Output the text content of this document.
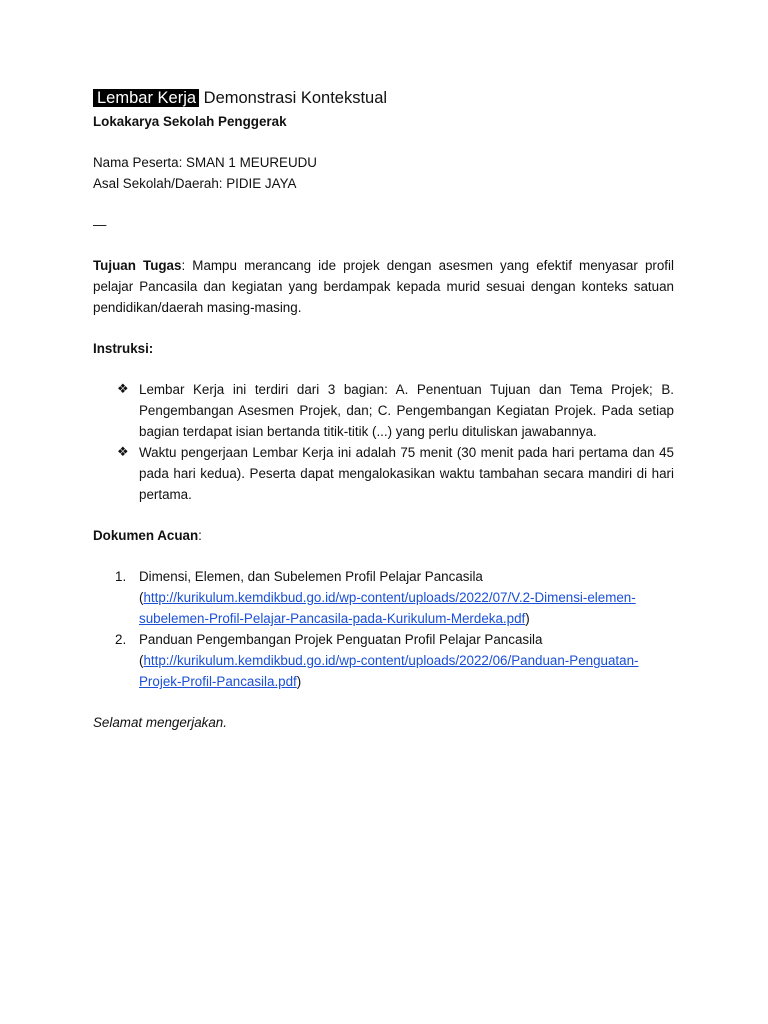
Lembar Kerja Demonstrasi Kontekstual

Lokakarya Sekolah Penggerak

Nama Peserta: SMAN 1 MEUREUDU

Asal Sekolah/Daerah: PIDIE JAYA

—

Tujuan Tugas: Mampu merancang ide projek dengan asesmen yang efektif menyasar profil pelajar Pancasila dan kegiatan yang berdampak kepada murid sesuai dengan konteks satuan pendidikan/daerah masing-masing.

Instruksi:

❖ Lembar Kerja ini terdiri dari 3 bagian: A. Penentuan Tujuan dan Tema Projek; B. Pengembangan Asesmen Projek, dan; C. Pengembangan Kegiatan Projek. Pada setiap bagian terdapat isian bertanda titik-titik (...) yang perlu dituliskan jawabannya.
❖ Waktu pengerjaan Lembar Kerja ini adalah 75 menit (30 menit pada hari pertama dan 45 pada hari kedua). Peserta dapat mengalokasikan waktu tambahan secara mandiri di hari pertama.

Dokumen Acuan:

1. Dimensi, Elemen, dan Subelemen Profil Pelajar Pancasila
(http://kurikulum.kemdikbud.go.id/wp-content/uploads/2022/07/V.2-Dimensi-elemen-subelemen-Profil-Pelajar-Pancasila-pada-Kurikulum-Merdeka.pdf)
2. Panduan Pengembangan Projek Penguatan Profil Pelajar Pancasila
(http://kurikulum.kemdikbud.go.id/wp-content/uploads/2022/06/Panduan-Penguatan-Projek-Profil-Pancasila.pdf)

Selamat mengerjakan.
